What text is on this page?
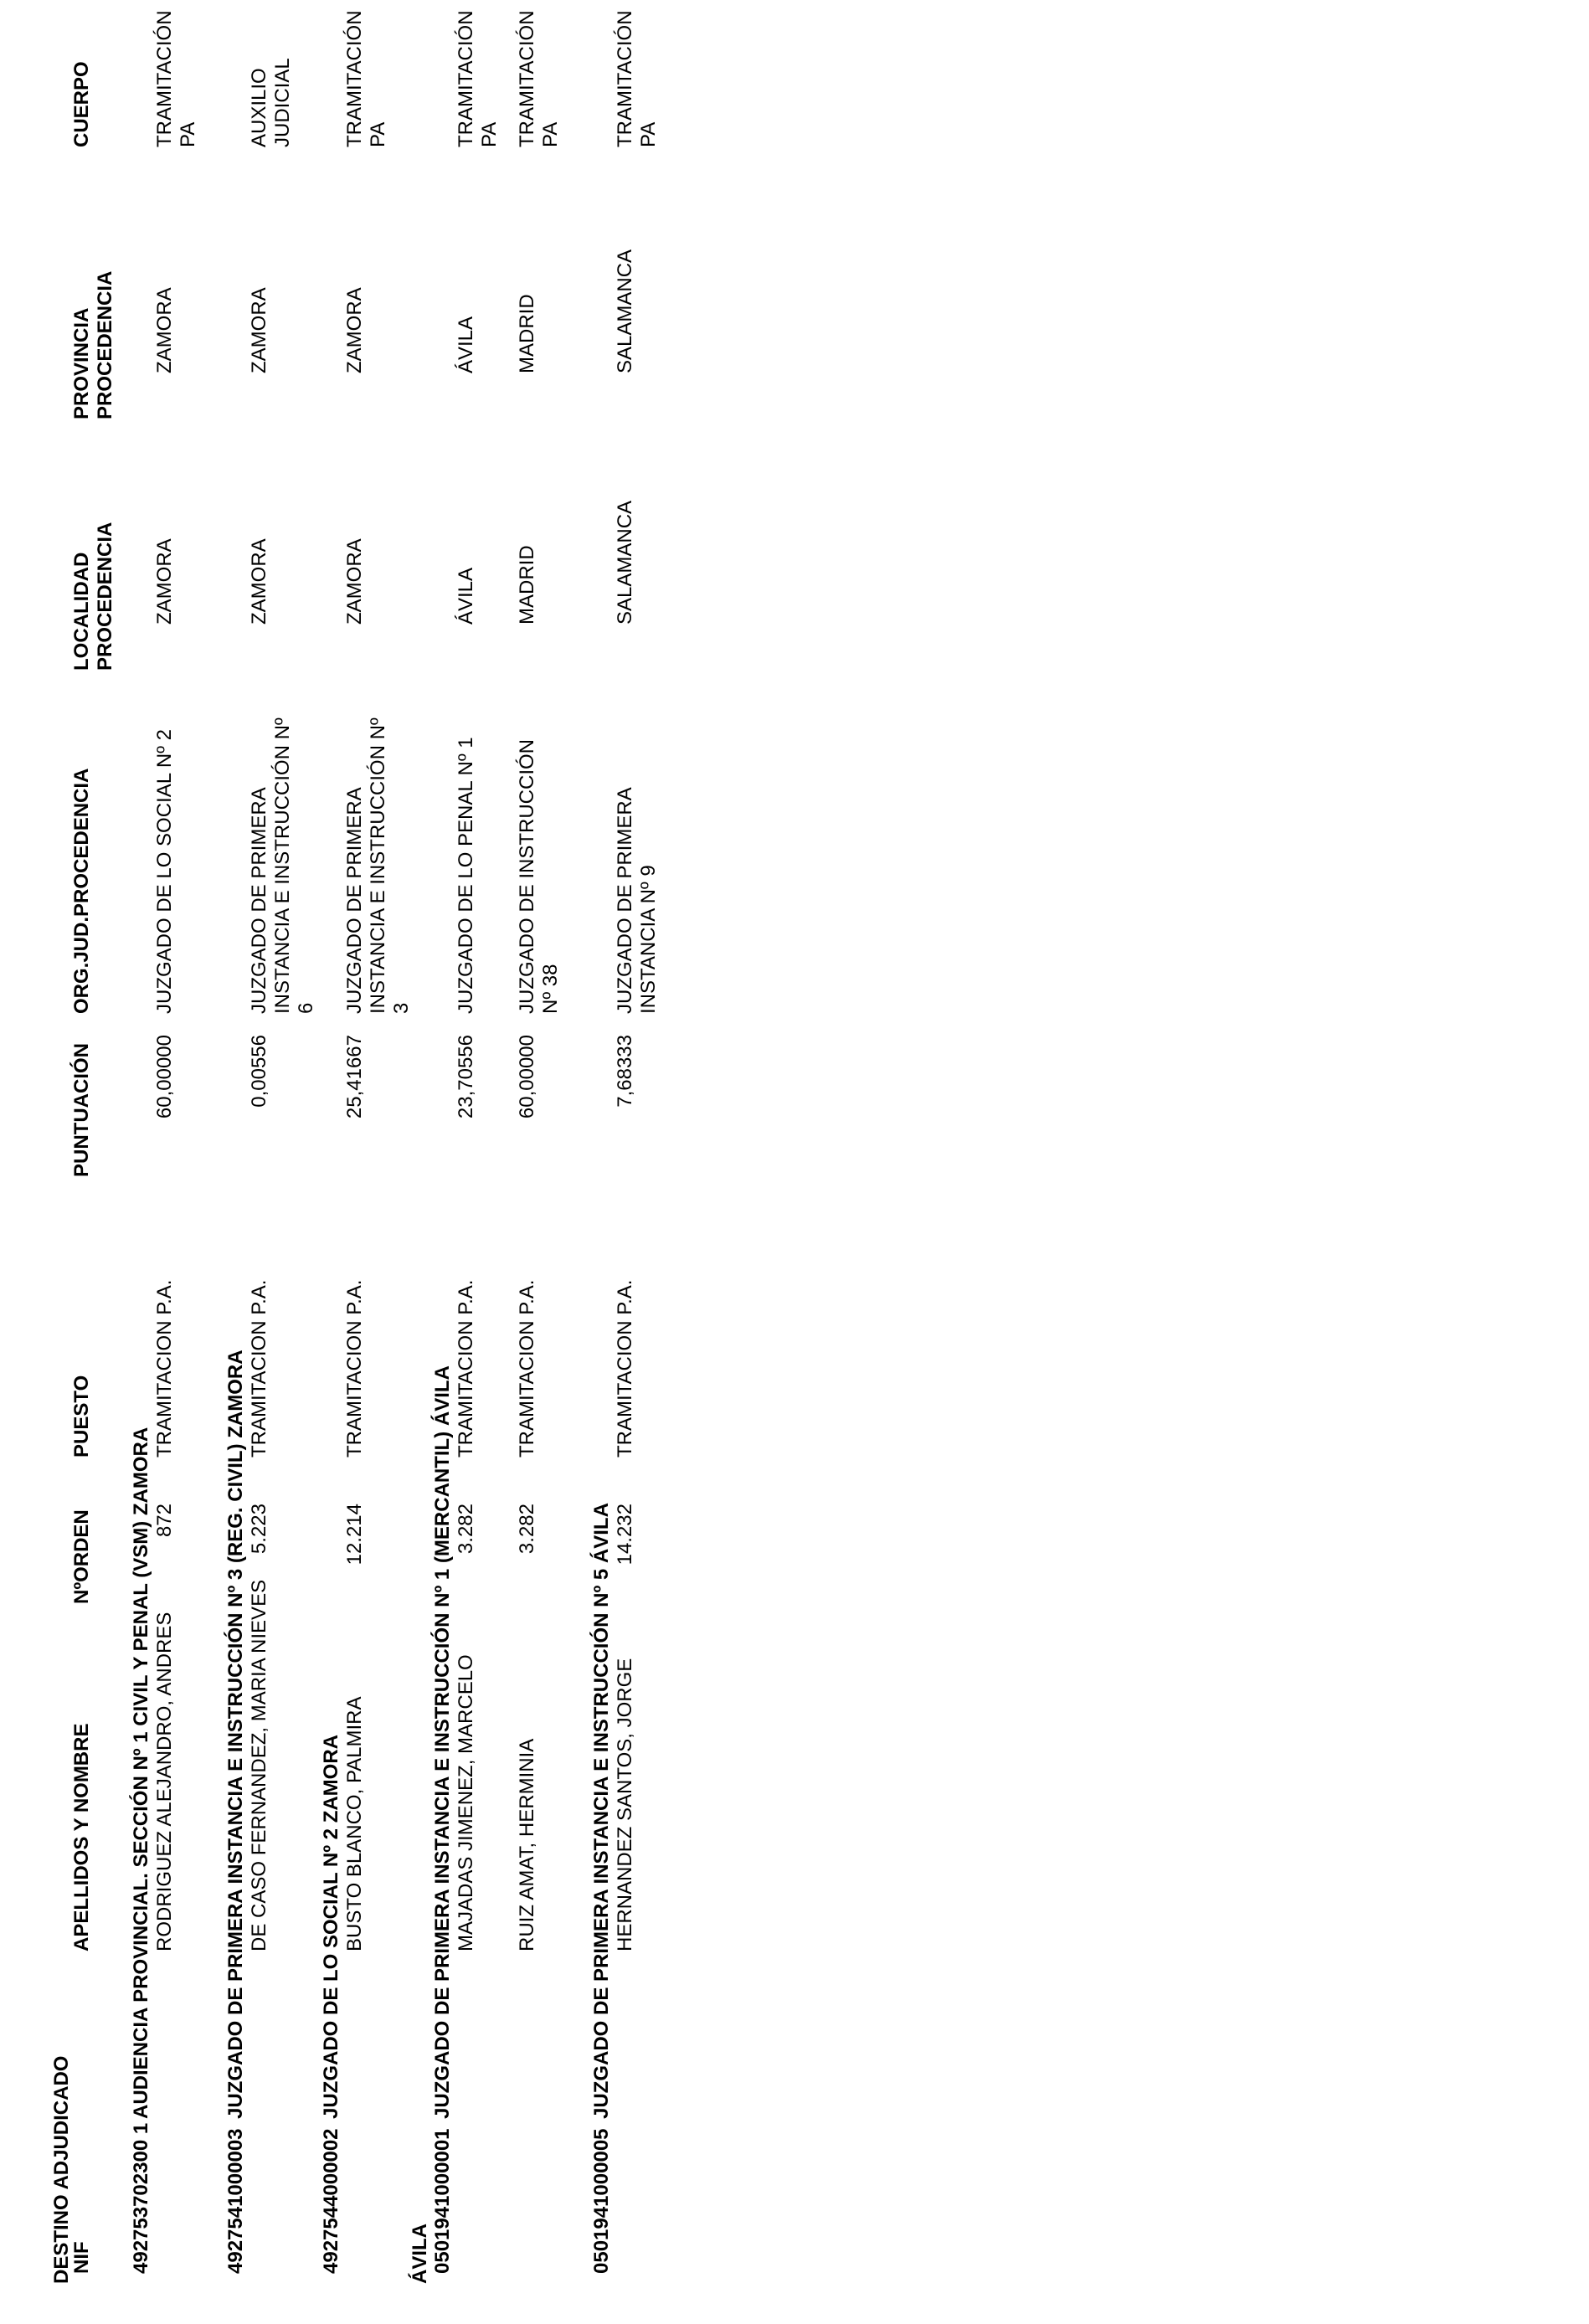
DESTINO ADJUDICADO
NIF
APELLIDOS Y NOMBRE
NºORDEN
PUESTO
PUNTUACIÓN
ORG.JUD.PROCEDENCIA
LOCALIDAD PROCEDENCIA
PROVINCIA PROCEDENCIA
CUERPO
492753702300 1
AUDIENCIA PROVINCIAL. SECCIÓN Nº 1 CIVIL Y PENAL (VSM) ZAMORA RODRIGUEZ ALEJANDRO, ANDRES
872
TRAMITACION P.A.
60,00000
JUZGADO DE LO SOCIAL Nº 2
ZAMORA
ZAMORA
TRAMITACIÓN PA
4927541000003
JUZGADO DE PRIMERA INSTANCIA E INSTRUCCIÓN Nº 3 (REG. CIVIL) ZAMORA DE CASO FERNANDEZ, MARIA NIEVES
5.223
TRAMITACION P.A.
0,00556
JUZGADO DE PRIMERA INSTANCIA E INSTRUCCIÓN Nº 6
ZAMORA
ZAMORA
AUXILIO JUDICIAL
4927544000002
JUZGADO DE LO SOCIAL Nº 2 ZAMORA BUSTO BLANCO, PALMIRA
12.214
TRAMITACION P.A.
25,41667
JUZGADO DE PRIMERA INSTANCIA E INSTRUCCIÓN Nº 3
ZAMORA
ZAMORA
TRAMITACIÓN PA
ÁVILA 0501941000001
JUZGADO DE PRIMERA INSTANCIA E INSTRUCCIÓN Nº 1 (MERCANTIL) ÁVILA MAJADAS JIMENEZ, MARCELO
3.282
TRAMITACION P.A.
23,70556
JUZGADO DE LO PENAL Nº 1
ÁVILA
ÁVILA
TRAMITACIÓN PA
RUIZ AMAT, HERMINIA
3.282
TRAMITACION P.A.
60,00000
JUZGADO DE INSTRUCCIÓN Nº 38
MADRID
MADRID
TRAMITACIÓN PA
0501941000005
JUZGADO DE PRIMERA INSTANCIA E INSTRUCCIÓN Nº 5 ÁVILA HERNANDEZ SANTOS, JORGE
14.232
TRAMITACION P.A.
7,68333
JUZGADO DE PRIMERA INSTANCIA Nº 9
SALAMANCA
SALAMANCA
TRAMITACIÓN PA
